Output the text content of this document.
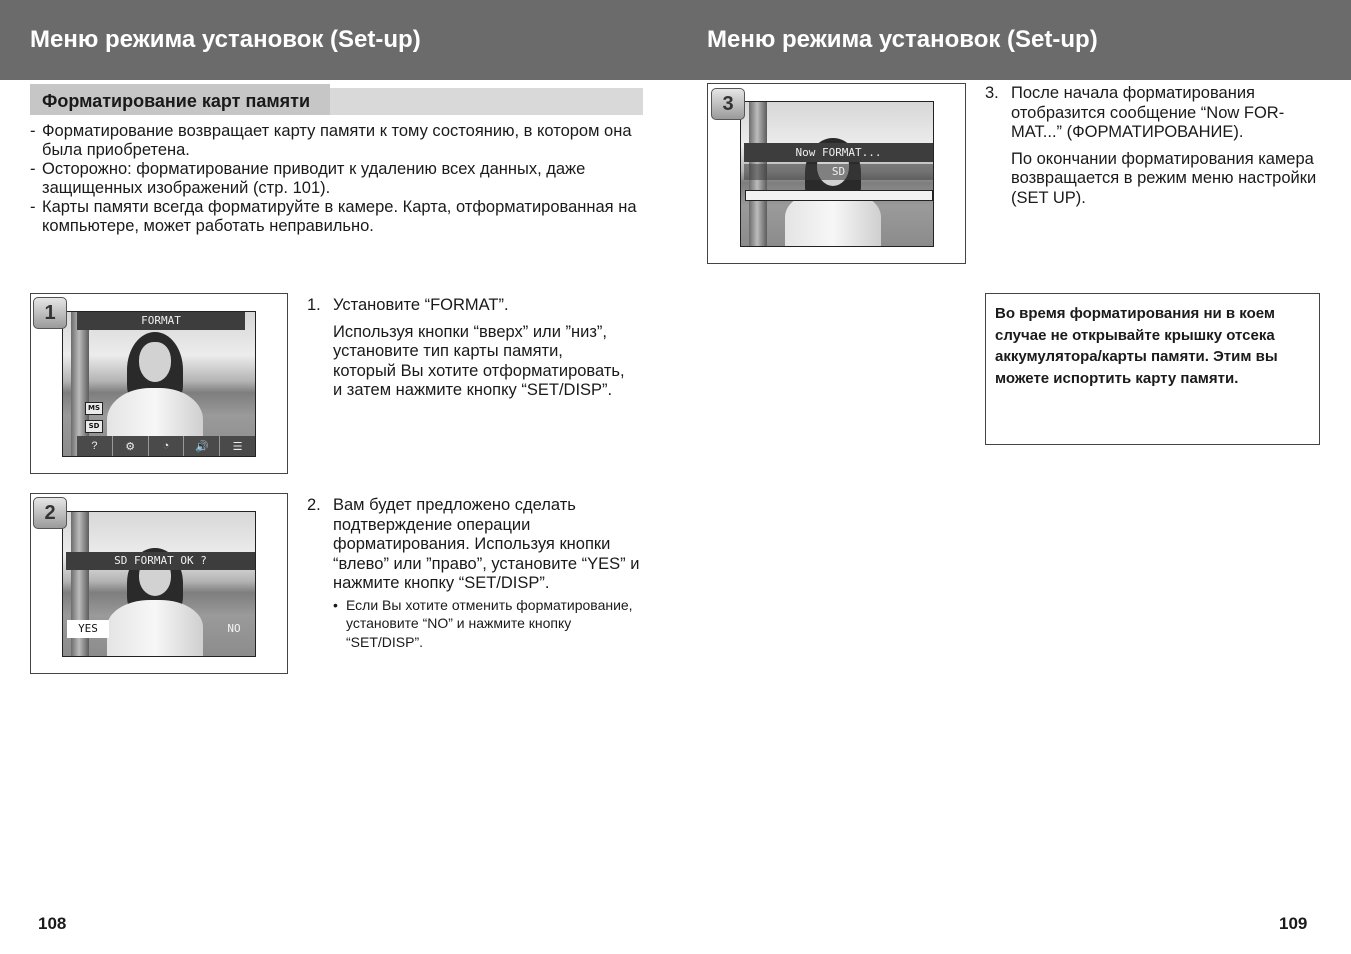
Меню режима установок (Set-up)	Меню режима установок (Set-up)
Форматирование карт памяти
- Форматирование возвращает карту памяти к тому состоянию, в котором она была приобретена.
- Осторожно: форматирование приводит к удалению всех данных, даже защищенных изображений (стр. 101).
- Карты памяти всегда форматируйте в камере. Карта, отформатированная на компьютере, может работать неправильно.
FORMAT
MS
SD
?	⚙	◔	🔊	☰
1	1. Установите “FORMAT”.

Используя кнопки “вверх” или ”низ”, установите тип карты памяти, который Вы хотите отформатировать, и затем нажмите кнопку “SET/DISP”.

SD FORMAT OK ?
YES	NO
2	2. Вам будет предложено сделать подтверждение операции форматирования. Используя кнопки “влево” или ”право”, установите “YES” и нажмите кнопку “SET/DISP”.

• Если Вы хотите отменить форматирование, установите “NO” и нажмите кнопку “SET/DISP”.
Now FORMAT...
SD
3	3. После начала форматирования отобразится сообщение “Now FOR-MAT...” (ФОРМАТИРОВАНИЕ).

По окончании форматирования камера возвращается в режим меню настройки (SET UP).

Во время форматирования ни в коем случае не открывайте крышку отсека аккумулятора/карты памяти. Этим вы можете испортить карту памяти.
108	109
